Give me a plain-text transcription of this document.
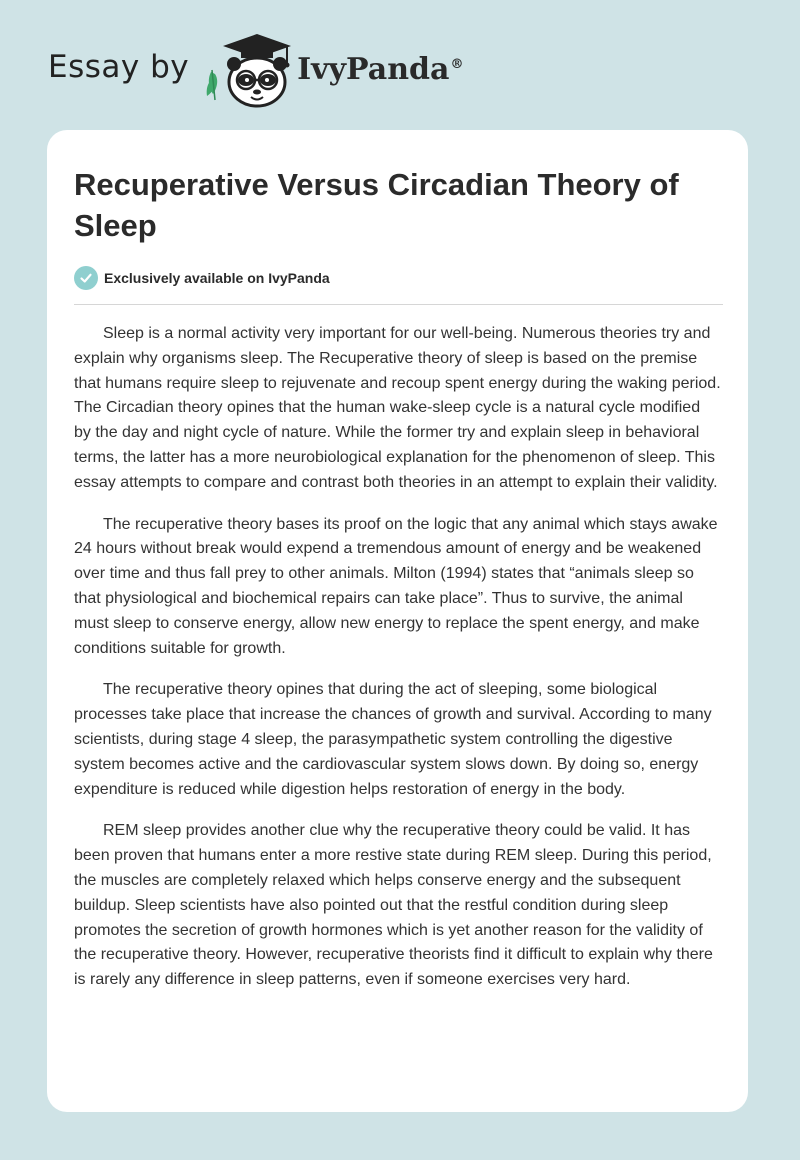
Essay by	IvyPanda®
Recuperative Versus Circadian Theory of Sleep
Exclusively available on IvyPanda

Sleep is a normal activity very important for our well-being. Numerous theories try and explain why organisms sleep. The Recuperative theory of sleep is based on the premise that humans require sleep to rejuvenate and recoup spent energy during the waking period. The Circadian theory opines that the human wake-sleep cycle is a natural cycle modified by the day and night cycle of nature. While the former try and explain sleep in behavioral terms, the latter has a more neurobiological explanation for the phenomenon of sleep. This essay attempts to compare and contrast both theories in an attempt to explain their validity.

The recuperative theory bases its proof on the logic that any animal which stays awake 24 hours without break would expend a tremendous amount of energy and be weakened over time and thus fall prey to other animals. Milton (1994) states that “animals sleep so that physiological and biochemical repairs can take place”. Thus to survive, the animal must sleep to conserve energy, allow new energy to replace the spent energy, and make conditions suitable for growth.

The recuperative theory opines that during the act of sleeping, some biological processes take place that increase the chances of growth and survival. According to many scientists, during stage 4 sleep, the parasympathetic system controlling the digestive system becomes active and the cardiovascular system slows down. By doing so, energy expenditure is reduced while digestion helps restoration of energy in the body.

REM sleep provides another clue why the recuperative theory could be valid. It has been proven that humans enter a more restive state during REM sleep. During this period, the muscles are completely relaxed which helps conserve energy and the subsequent buildup. Sleep scientists have also pointed out that the restful condition during sleep promotes the secretion of growth hormones which is yet another reason for the validity of the recuperative theory. However, recuperative theorists find it difficult to explain why there is rarely any difference in sleep patterns, even if someone exercises very hard.
